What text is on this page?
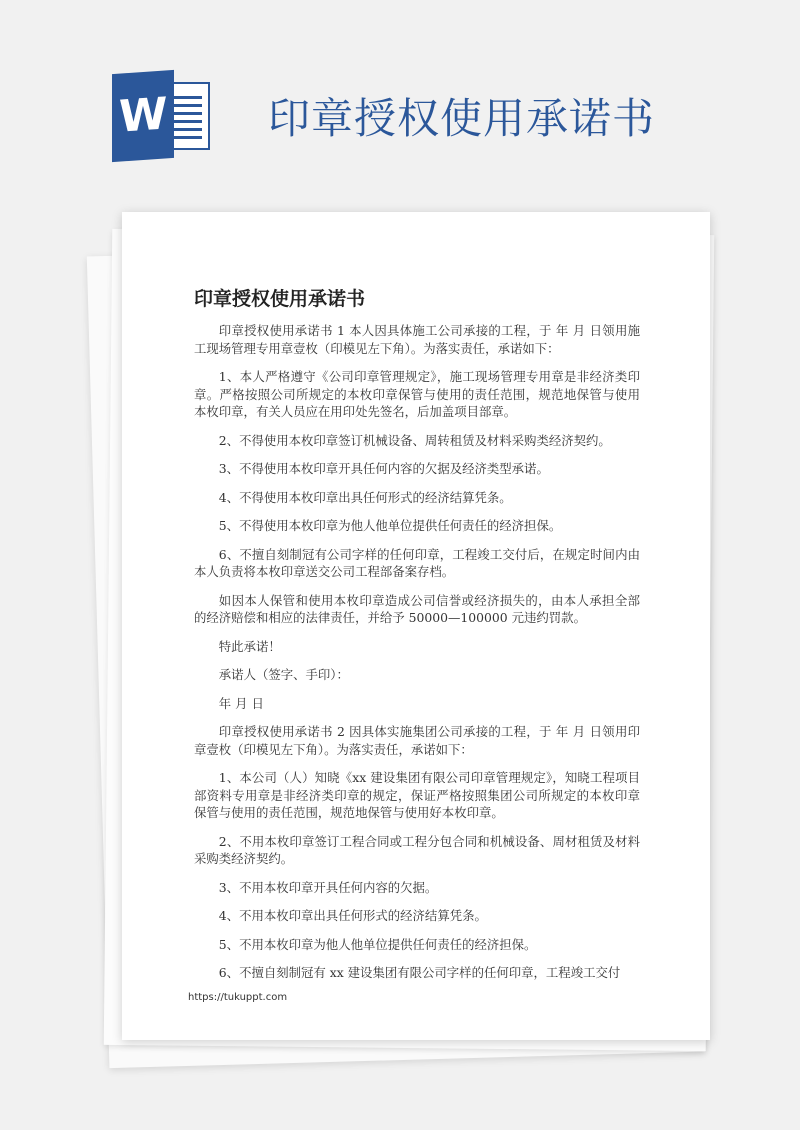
W 印章授权使用承诺书
印章授权使用承诺书

印章授权使用承诺书 1 本人因具体施工公司承接的工程，于 年 月 日领用施工现场管理专用章壹枚（印模见左下角）。为落实责任，承诺如下：

1、本人严格遵守《公司印章管理规定》，施工现场管理专用章是非经济类印章。严格按照公司所规定的本枚印章保管与使用的责任范围，规范地保管与使用本枚印章，有关人员应在用印处先签名，后加盖项目部章。

2、不得使用本枚印章签订机械设备、周转租赁及材料采购类经济契约。

3、不得使用本枚印章开具任何内容的欠据及经济类型承诺。

4、不得使用本枚印章出具任何形式的经济结算凭条。

5、不得使用本枚印章为他人他单位提供任何责任的经济担保。

6、不擅自刻制冠有公司字样的任何印章，工程竣工交付后，在规定时间内由本人负责将本枚印章送交公司工程部备案存档。

如因本人保管和使用本枚印章造成公司信誉或经济损失的，由本人承担全部的经济赔偿和相应的法律责任，并给予 50000—100000 元违约罚款。

特此承诺！

承诺人（签字、手印）：

年 月 日

印章授权使用承诺书 2 因具体实施集团公司承接的工程，于 年 月 日领用印章壹枚（印模见左下角）。为落实责任，承诺如下：

1、本公司（人）知晓《xx 建设集团有限公司印章管理规定》，知晓工程项目部资料专用章是非经济类印章的规定，保证严格按照集团公司所规定的本枚印章保管与使用的责任范围，规范地保管与使用好本枚印章。

2、不用本枚印章签订工程合同或工程分包合同和机械设备、周材租赁及材料采购类经济契约。

3、不用本枚印章开具任何内容的欠据。

4、不用本枚印章出具任何形式的经济结算凭条。

5、不用本枚印章为他人他单位提供任何责任的经济担保。

6、不擅自刻制冠有 xx 建设集团有限公司字样的任何印章，工程竣工交付

https://tukuppt.com
